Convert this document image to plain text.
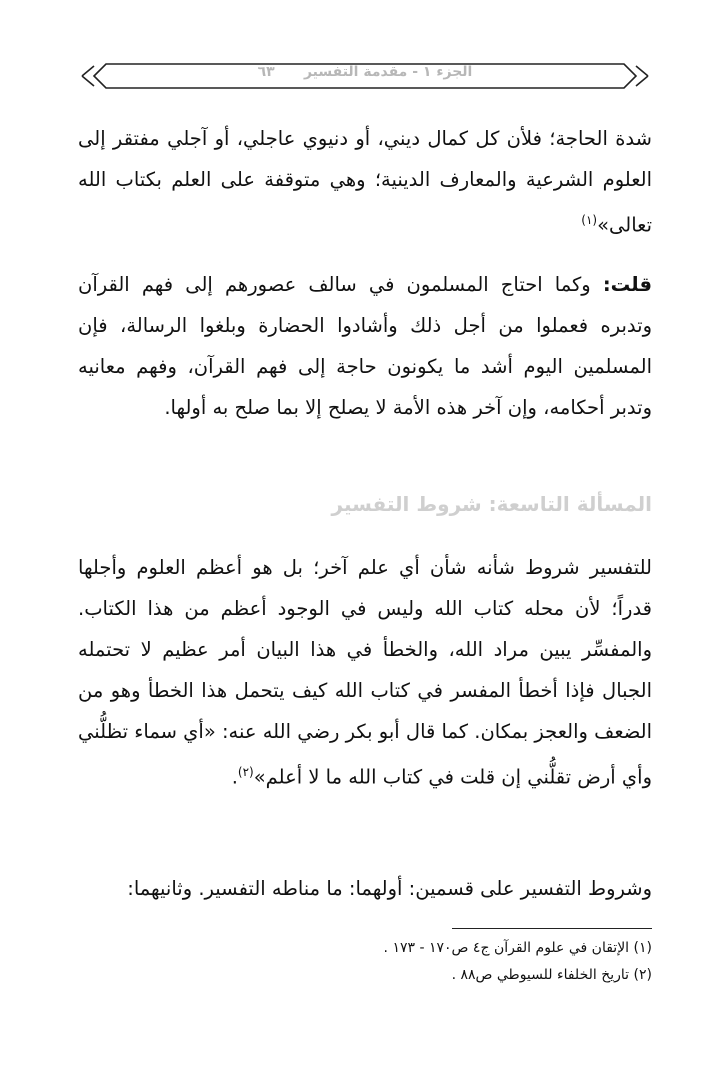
الجزء ١ - مقدمة التفسير      ٦٣
شدة الحاجة؛ فلأن كل كمال ديني، أو دنيوي عاجلي، أو آجلي مفتقر إلى العلوم الشرعية والمعارف الدينية؛ وهي متوقفة على العلم بكتاب الله تعالى»$^{(١)}$
قلت: وكما احتاج المسلمون في سالف عصورهم إلى فهم القرآن وتدبره فعملوا من أجل ذلك وأشادوا الحضارة وبلغوا الرسالة، فإن المسلمين اليوم أشد ما يكونون حاجة إلى فهم القرآن، وفهم معانيه وتدبر أحكامه، وإن آخر هذه الأمة لا يصلح إلا بما صلح به أولها.
المسألة التاسعة: شروط التفسير
للتفسير شروط شأنه شأن أي علم آخر؛ بل هو أعظم العلوم وأجلها قدراً؛ لأن محله كتاب الله وليس في الوجود أعظم من هذا الكتاب. والمفسِّر يبين مراد الله، والخطأ في هذا البيان أمر عظيم لا تحتمله الجبال فإذا أخطأ المفسر في كتاب الله كيف يتحمل هذا الخطأ وهو من الضعف والعجز بمكان. كما قال أبو بكر رضي الله عنه: «أي سماء تظلُّني وأي أرض تقلُّني إن قلت في كتاب الله ما لا أعلم»$^{(٢)}$.
وشروط التفسير على قسمين: أولهما: ما مناطه التفسير. وثانيهما:

(١) الإتقان في علوم القرآن ج٤ ص١٧٠ - ١٧٣ .

(٢) تاريخ الخلفاء للسيوطي ص٨٨ .
